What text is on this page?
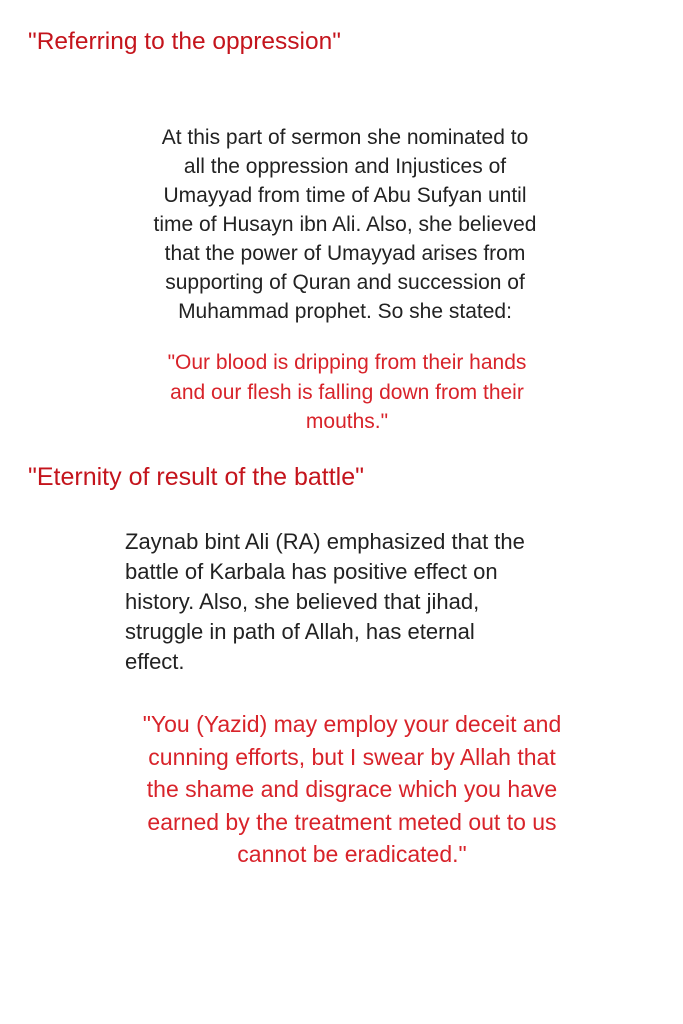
"Referring to the oppression"
At this part of sermon she nominated to
all the oppression and Injustices of
Umayyad from time of Abu Sufyan until
time of Husayn ibn Ali. Also, she believed
that the power of Umayyad arises from
supporting of Quran and succession of
Muhammad prophet. So she stated:
"Our blood is dripping from their hands
and our flesh is falling down from their
mouths."
"Eternity of result of the battle"
Zaynab bint Ali (RA) emphasized that the
battle of Karbala has positive effect on
history. Also, she believed that jihad,
struggle in path of Allah, has eternal
effect.
"You (Yazid) may employ your deceit and
cunning efforts, but I swear by Allah that
the shame and disgrace which you have
earned by the treatment meted out to us
cannot be eradicated."
